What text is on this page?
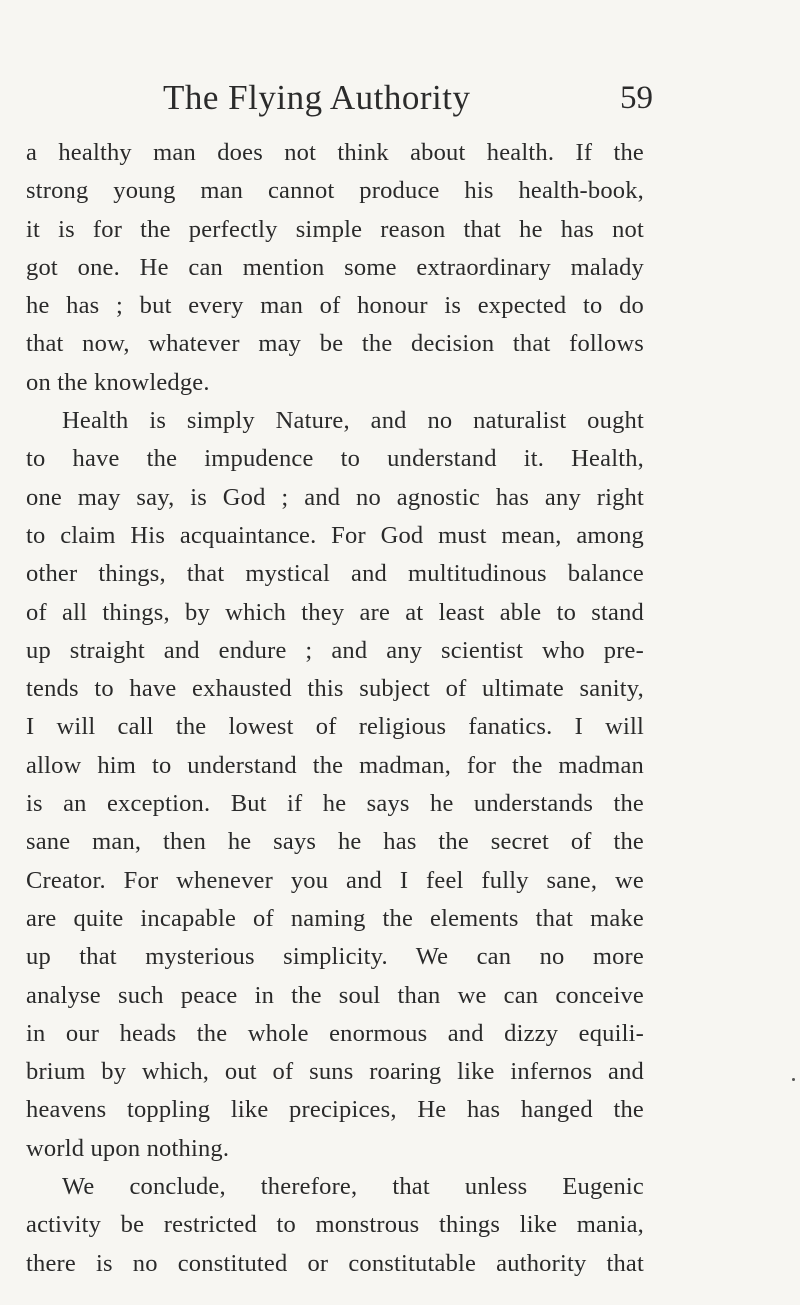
The Flying Authority	59
a healthy man does not think about health. If the
strong young man cannot produce his health-book,
it is for the perfectly simple reason that he has not
got one. He can mention some extraordinary malady
he has ; but every man of honour is expected to do
that now, whatever may be the decision that follows
on the knowledge.
Health is simply Nature, and no naturalist ought
to have the impudence to understand it. Health,
one may say, is God ; and no agnostic has any right
to claim His acquaintance. For God must mean, among
other things, that mystical and multitudinous balance
of all things, by which they are at least able to stand
up straight and endure ; and any scientist who pre-
tends to have exhausted this subject of ultimate sanity,
I will call the lowest of religious fanatics. I will
allow him to understand the madman, for the madman
is an exception. But if he says he understands the
sane man, then he says he has the secret of the
Creator. For whenever you and I feel fully sane, we
are quite incapable of naming the elements that make
up that mysterious simplicity. We can no more
analyse such peace in the soul than we can conceive
in our heads the whole enormous and dizzy equili-
brium by which, out of suns roaring like infernos and
heavens toppling like precipices, He has hanged the
world upon nothing.
We conclude, therefore, that unless Eugenic
activity be restricted to monstrous things like mania,
there is no constituted or constitutable authority that
